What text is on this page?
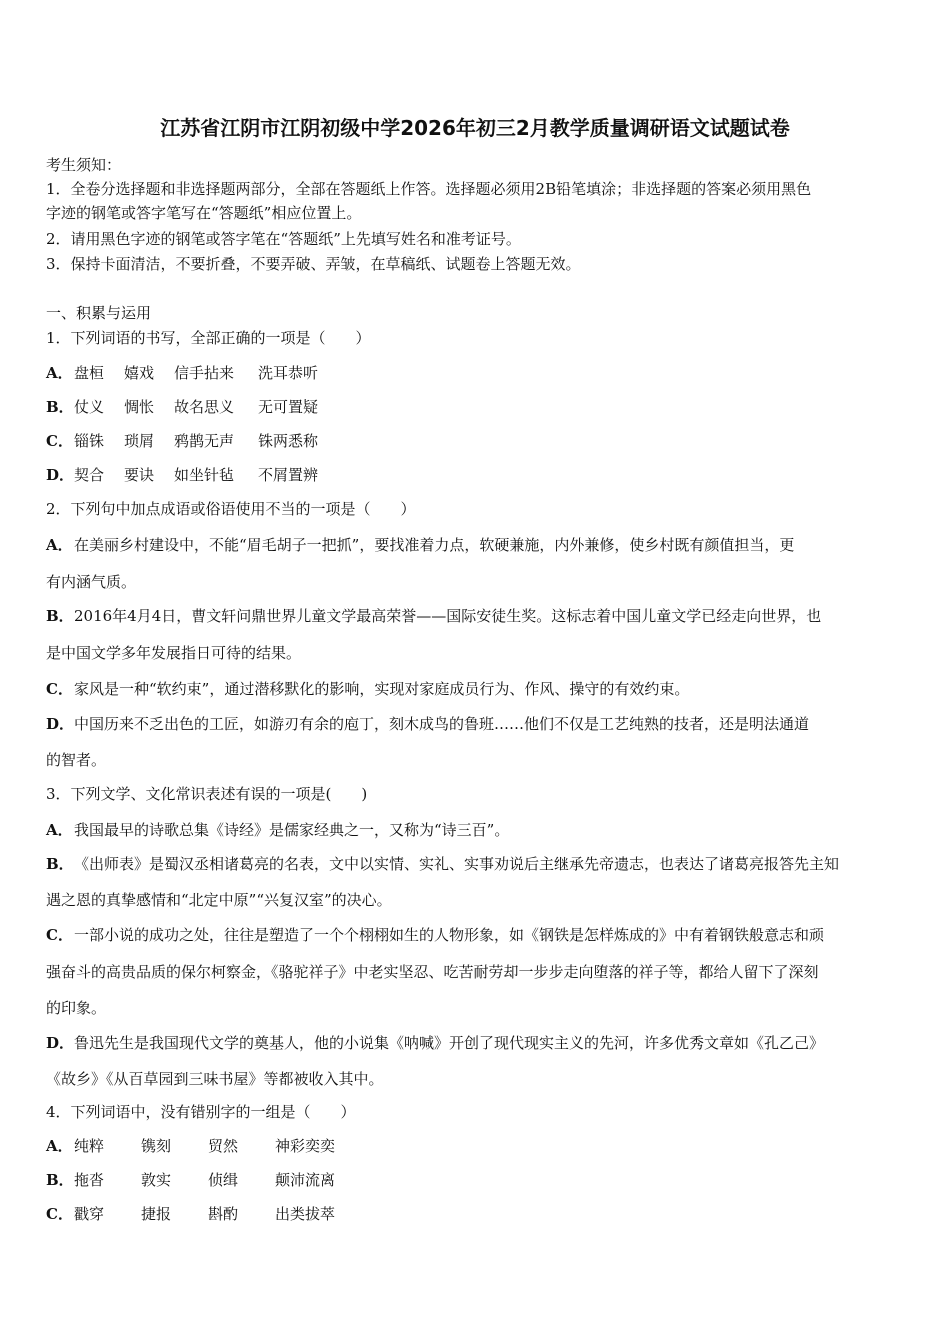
江苏省江阴市江阴初级中学2026年初三2月教学质量调研语文试题试卷
考生须知：
1．全卷分选择题和非选择题两部分，全部在答题纸上作答。选择题必须用2B铅笔填涂；非选择题的答案必须用黑色
字迹的钢笔或答字笔写在“答题纸”相应位置上。
2．请用黑色字迹的钢笔或答字笔在“答题纸”上先填写姓名和准考证号。
3．保持卡面清洁，不要折叠，不要弄破、弄皱，在草稿纸、试题卷上答题无效。
一、积累与运用
1．下列词语的书写，全部正确的一项是（　　）
A．盘桓 嬉戏 信手拈来 洗耳恭听
B．仗义 惆怅 故名思义 无可置疑
C．锱铢 琐屑 鸦鹊无声 铢两悉称
D．契合 要诀 如坐针毡 不屑置辨
2．下列句中加点成语或俗语使用不当的一项是（　　）
A．在美丽乡村建设中，不能“眉毛胡子一把抓”，要找准着力点，软硬兼施，内外兼修，使乡村既有颜值担当，更
有内涵气质。
B．2016年4月4日，曹文轩问鼎世界儿童文学最高荣誉——国际安徒生奖。这标志着中国儿童文学已经走向世界，也
是中国文学多年发展指日可待的结果。
C．家风是一种“软约束”，通过潜移默化的影响，实现对家庭成员行为、作风、操守的有效约束。
D．中国历来不乏出色的工匠，如游刃有余的庖丁，刻木成鸟的鲁班……他们不仅是工艺纯熟的技者，还是明法通道
的智者。
3．下列文学、文化常识表述有误的一项是(　　)
A．我国最早的诗歌总集《诗经》是儒家经典之一，又称为“诗三百”。
B．《出师表》是蜀汉丞相诸葛亮的名表，文中以实情、实礼、实事劝说后主继承先帝遗志，也表达了诸葛亮报答先主知
遇之恩的真挚感情和“北定中原”“兴复汉室”的决心。
C．一部小说的成功之处，往往是塑造了一个个栩栩如生的人物形象，如《钢铁是怎样炼成的》中有着钢铁般意志和顽
强奋斗的高贵品质的保尔柯察金，《骆驼祥子》中老实坚忍、吃苦耐劳却一步步走向堕落的祥子等，都给人留下了深刻
的印象。
D．鲁迅先生是我国现代文学的奠基人，他的小说集《呐喊》开创了现代现实主义的先河，许多优秀文章如《孔乙己》
《故乡》《从百草园到三味书屋》等都被收入其中。
4．下列词语中，没有错别字的一组是（　　）
A．纯粹 镌刻 贸然 神彩奕奕
B．拖沓 敦实 侦缉 颠沛流离
C．戳穿 捷报 斟酌 出类拔萃
